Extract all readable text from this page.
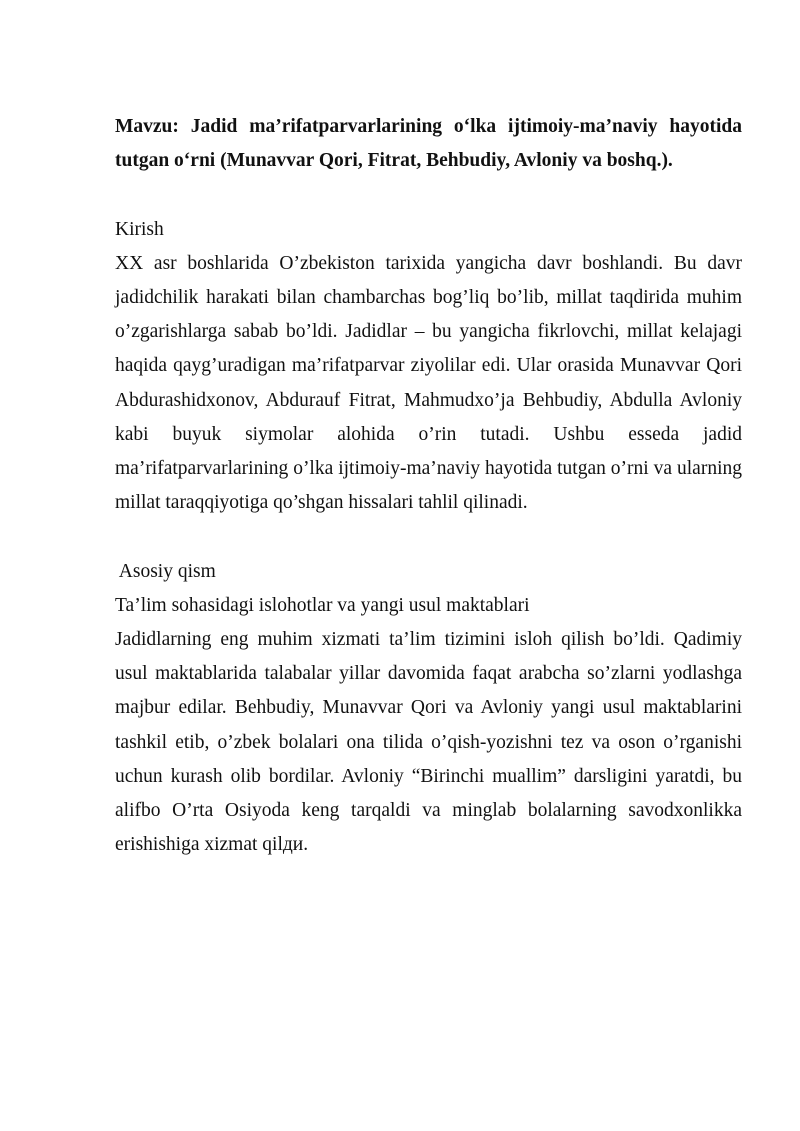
Mavzu: Jadid ma’rifatparvarlarining o‘lka ijtimoiy-ma’naviy hayotida tutgan o‘rni (Munavvar Qori, Fitrat, Behbudiy, Avloniy va boshq.).

Kirish

XX asr boshlarida O’zbekiston tarixida yangicha davr boshlandi. Bu davr jadidchilik harakati bilan chambarchas bog’liq bo’lib, millat taqdirida muhim o’zgarishlarga sabab bo’ldi. Jadidlar – bu yangicha fikrlovchi, millat kelajagi haqida qayg’uradigan ma’rifatparvar ziyolilar edi. Ular orasida Munavvar Qori Abdurashidxonov, Abdurauf Fitrat, Mahmudxo’ja Behbudiy, Abdulla Avloniy kabi buyuk siymolar alohida o’rin tutadi. Ushbu esseda jadid ma’rifatparvarlarining o’lka ijtimoiy-ma’naviy hayotida tutgan o’rni va ularning millat taraqqiyotiga qo’shgan hissalari tahlil qilinadi.

Asosiy qism

Ta’lim sohasidagi islohotlar va yangi usul maktablari

Jadidlarning eng muhim xizmati ta’lim tizimini isloh qilish bo’ldi. Qadimiy usul maktablarida talabalar yillar davomida faqat arabcha so’zlarni yodlashga majbur edilar. Behbudiy, Munavvar Qori va Avloniy yangi usul maktablarini tashkil etib, o’zbek bolalari ona tilida o’qish-yozishni tez va oson o’rganishi uchun kurash olib bordilar. Avloniy “Birinchi muallim” darsligini yaratdi, bu alifbo O’rta Osiyoda keng tarqaldi va minglab bolalarning savodxonlikka erishishiga xizmat qilди.
